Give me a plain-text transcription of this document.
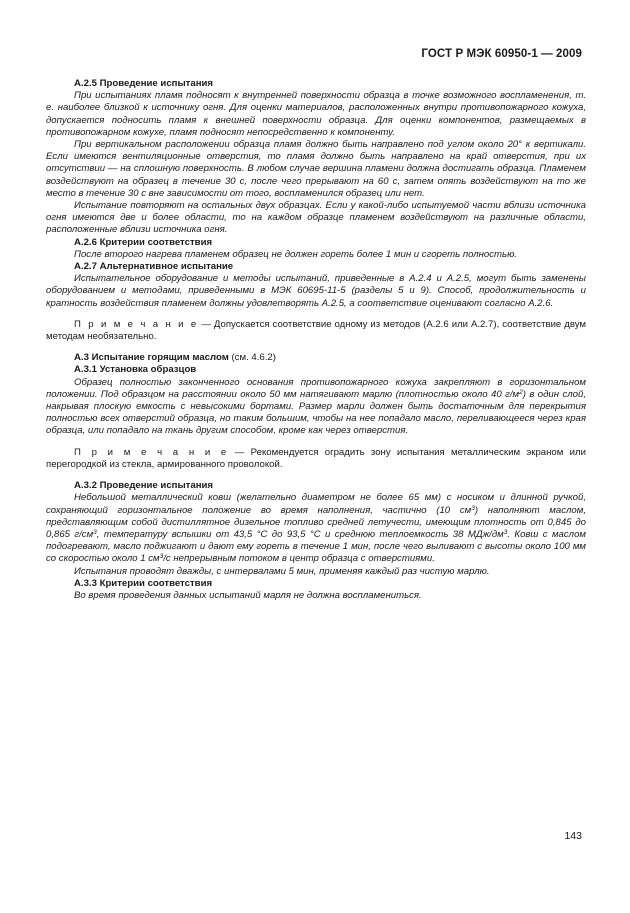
ГОСТ Р МЭК 60950-1 — 2009

А.2.5 Проведение испытания

При испытаниях пламя подносят к внутренней поверхности образца в точке возможного воспламенения, т. е. наиболее близкой к источнику огня. Для оценки материалов, расположенных внутри противопожарного кожуха, допускается подносить пламя к внешней поверхности образца. Для оценки компонентов, размещаемых в противопожарном кожухе, пламя подносят непосредственно к компоненту.

При вертикальном расположении образца пламя должно быть направлено под углом около 20° к вертикали. Если имеются вентиляционные отверстия, то пламя должно быть направлено на край отверстия, при их отсутствии — на сплошную поверхность. В любом случае вершина пламени должна достигать образца. Пламенем воздействуют на образец в течение 30 с, после чего прерывают на 60 с, затем опять воздействуют на то же место в течение 30 с вне зависимости от того, воспламенился образец или нет.

Испытание повторяют на остальных двух образцах. Если у какой-либо испытуемой части вблизи источника огня имеются две и более области, то на каждом образце пламенем воздействуют на различные области, расположенные вблизи источника огня.

А.2.6 Критерии соответствия

После второго нагрева пламенем образец не должен гореть более 1 мин и сгореть полностью.

А.2.7 Альтернативное испытание

Испытательное оборудование и методы испытаний, приведенные в А.2.4 и А.2.5, могут быть заменены оборудованием и методами, приведенными в МЭК 60695-11-5 (разделы 5 и 9). Способ, продолжительность и кратность воздействия пламенем должны удовлетворять А.2.5, а соответствие оценивают согласно А.2.6.

П р и м е ч а н и е — Допускается соответствие одному из методов (А.2.6 или А.2.7), соответствие двум методам необязательно.

А.3 Испытание горящим маслом (см. 4.6.2)

А.3.1 Установка образцов

Образец полностью законченного основания противопожарного кожуха закрепляют в горизонтальном положении. Под образцом на расстоянии около 50 мм натягивают марлю (плотностью около 40 $г/м^2$) в один слой, накрывая плоскую емкость с невысокими бортами. Размер марли должен быть достаточным для перекрытия полностью всех отверстий образца, но таким большим, чтобы на нее попадало масло, переливающееся через края образца, или попадало на ткань другим способом, кроме как через отверстия.

П р и м е ч а н и е — Рекомендуется оградить зону испытания металлическим экраном или перегородкой из стекла, армированного проволокой.

А.3.2 Проведение испытания

Небольшой металлический ковш (желательно диаметром не более 65 мм) с носиком и длинной ручкой, сохраняющий горизонтальное положение во время наполнения, частично (10 $см^3$) наполняют маслом, представляющим собой дистиллятное дизельное топливо средней летучести, имеющим плотность от 0,845 до 0,865 $г/см^3$, температуру вспышки от 43,5 °С до 93,5 °С и среднюю теплоемкость 38 МДж/$дм^3$. Ковш с маслом подогревают, масло поджигают и дают ему гореть в течение 1 мин, после чего выливают с высоты около 100 мм со скоростью около 1 $см^3/с$ непрерывным потоком в центр образца с отверстиями.

Испытания проводят дважды, с интервалами 5 мин, применяя каждый раз чистую марлю.

А.3.3 Критерии соответствия

Во время проведения данных испытаний марля не должна воспламениться.

143
